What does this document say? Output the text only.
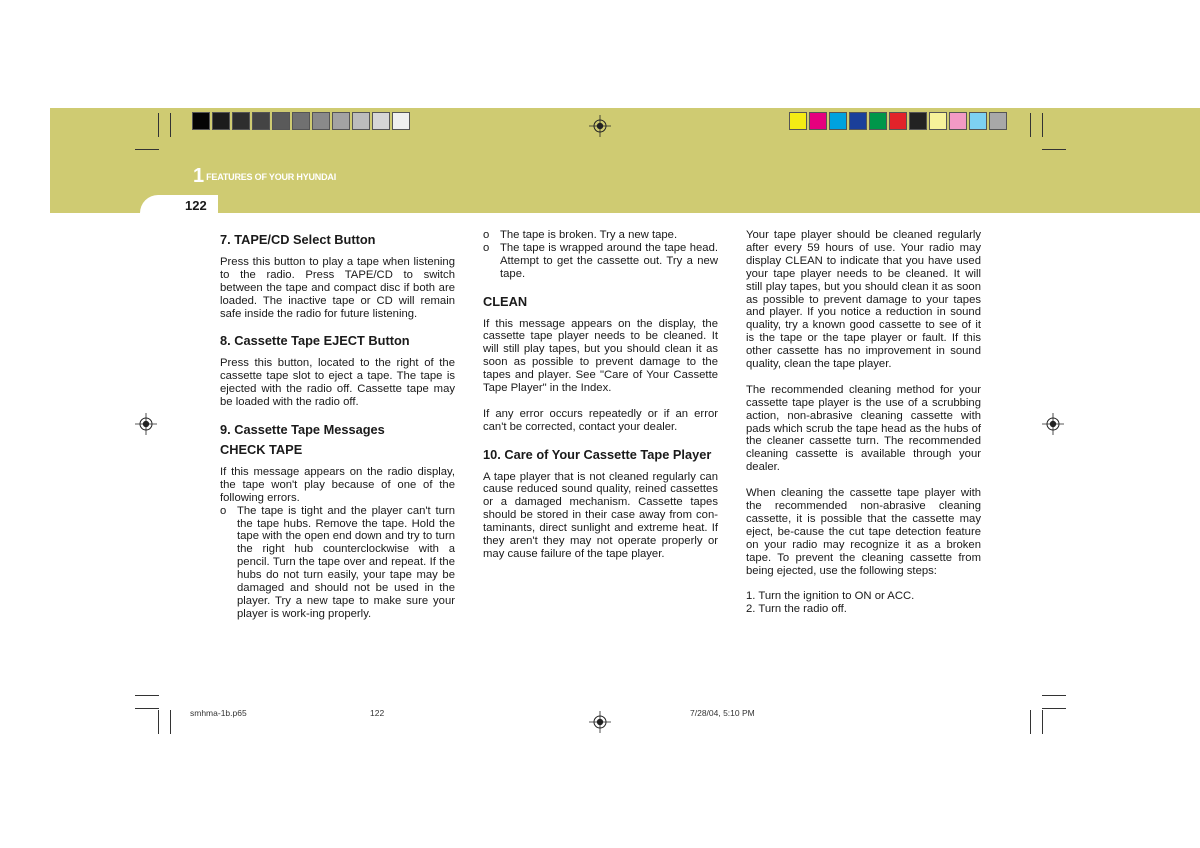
1 FEATURES OF YOUR HYUNDAI
122
7. TAPE/CD Select Button

Press this button to play a tape when listening to the radio. Press TAPE/CD to switch between the tape and compact disc if both are loaded. The inactive tape or CD will remain safe inside the radio for future listening.

8. Cassette Tape EJECT Button

Press this button, located to the right of the cassette tape slot to eject a tape. The tape is ejected with the radio off. Cassette tape may be loaded with the radio off.

9. Cassette Tape Messages
CHECK TAPE

If this message appears on the radio display, the tape won't play because of one of the following errors.

o The tape is tight and the player can't turn the tape hubs. Remove the tape. Hold the tape with the open end down and try to turn the right hub counterclockwise with a pencil. Turn the tape over and repeat. If the hubs do not turn easily, your tape may be damaged and should not be used in the player. Try a new tape to make sure your player is work-ing properly.
o The tape is broken. Try a new tape.
o The tape is wrapped around the tape head. Attempt to get the cassette out. Try a new tape.
CLEAN

If this message appears on the display, the cassette tape player needs to be cleaned. It will still play tapes, but you should clean it as soon as possible to prevent damage to the tapes and player. See "Care of Your Cassette Tape Player" in the Index.

If any error occurs repeatedly or if an error can't be corrected, contact your dealer.

10. Care of Your Cassette Tape Player

A tape player that is not cleaned regularly can cause reduced sound quality, reined cassettes or a damaged mechanism. Cassette tapes should be stored in their case away from con-taminants, direct sunlight and extreme heat. If they aren't they may not operate properly or may cause failure of the tape player.

Your tape player should be cleaned regularly after every 59 hours of use. Your radio may display CLEAN to indicate that you have used your tape player needs to be cleaned. It will still play tapes, but you should clean it as soon as possible to prevent damage to your tapes and player. If you notice a reduction in sound quality, try a known good cassette to see of it is the tape or the tape player or fault. If this other cassette has no improvement in sound quality, clean the tape player.

The recommended cleaning method for your cassette tape player is the use of a scrubbing action, non-abrasive cleaning cassette with pads which scrub the tape head as the hubs of the cleaner cassette turn. The recommended cleaning cassette is available through your dealer.

When cleaning the cassette tape player with the recommended non-abrasive cleaning cassette, it is possible that the cassette may eject, be-cause the cut tape detection feature on your radio may recognize it as a broken tape. To prevent the cleaning cassette from being ejected, use the following steps:

1. Turn the ignition to ON or ACC.
2. Turn the radio off.
smhma-1b.p65	122	7/28/04, 5:10 PM
